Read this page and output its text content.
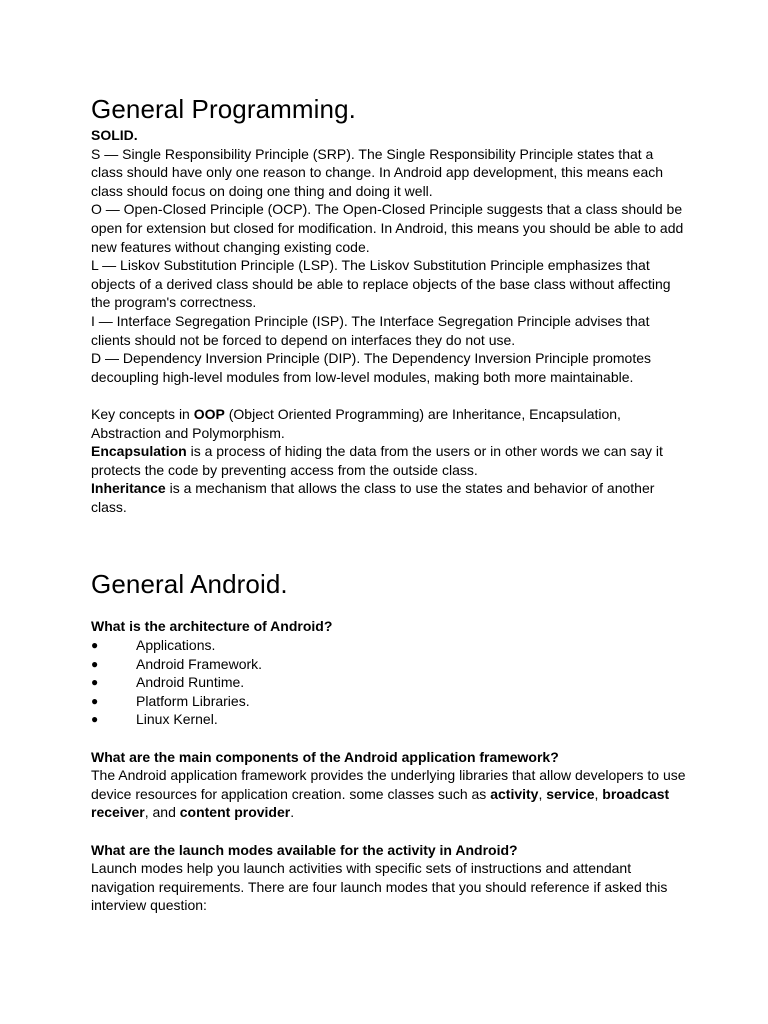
General Programming.

SOLID.

S — Single Responsibility Principle (SRP). The Single Responsibility Principle states that a class should have only one reason to change. In Android app development, this means each class should focus on doing one thing and doing it well.

O — Open-Closed Principle (OCP). The Open-Closed Principle suggests that a class should be open for extension but closed for modification. In Android, this means you should be able to add new features without changing existing code.

L — Liskov Substitution Principle (LSP). The Liskov Substitution Principle emphasizes that objects of a derived class should be able to replace objects of the base class without affecting the program's correctness.

I — Interface Segregation Principle (ISP). The Interface Segregation Principle advises that clients should not be forced to depend on interfaces they do not use.

D — Dependency Inversion Principle (DIP). The Dependency Inversion Principle promotes decoupling high-level modules from low-level modules, making both more maintainable.

Key concepts in OOP (Object Oriented Programming) are Inheritance, Encapsulation, Abstraction and Polymorphism.

Encapsulation is a process of hiding the data from the users or in other words we can say it protects the code by preventing access from the outside class.

Inheritance is a mechanism that allows the class to use the states and behavior of another class.

General Android.

What is the architecture of Android?

●	Applications.
●	Android Framework.
●	Android Runtime.
●	Platform Libraries.
●	Linux Kernel.

What are the main components of the Android application framework?

The Android application framework provides the underlying libraries that allow developers to use device resources for application creation. some classes such as activity, service, broadcast receiver, and content provider.

What are the launch modes available for the activity in Android?

Launch modes help you launch activities with specific sets of instructions and attendant navigation requirements. There are four launch modes that you should reference if asked this interview question:
